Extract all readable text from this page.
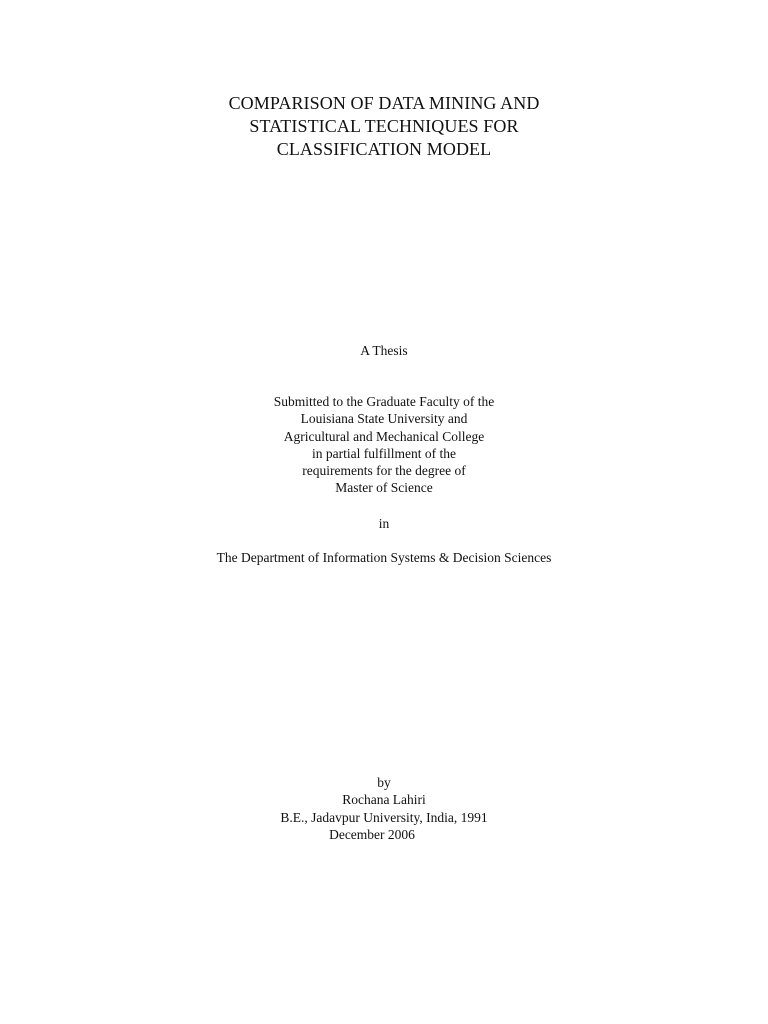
COMPARISON OF DATA MINING AND
STATISTICAL TECHNIQUES FOR
CLASSIFICATION MODEL
A Thesis
Submitted to the Graduate Faculty of the
Louisiana State University and
Agricultural and Mechanical College
in partial fulfillment of the
requirements for the degree of
Master of Science
in
The Department of Information Systems & Decision Sciences
by
Rochana Lahiri
B.E., Jadavpur University, India, 1991
December 2006
